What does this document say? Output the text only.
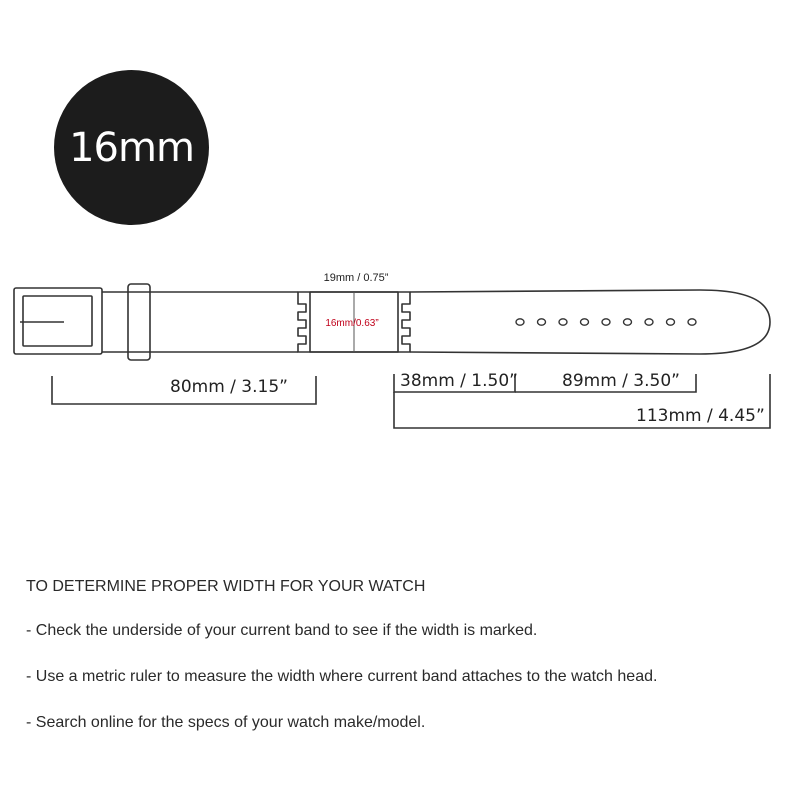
16mm
19mm / 0.75”
16mm/0.63”
80mm / 3.15”	38mm / 1.50”	89mm / 3.50”
113mm / 4.45”

TO DETERMINE PROPER WIDTH FOR YOUR WATCH

- Check the underside of your current band to see if the width is marked.

- Use a metric ruler to measure the width where current band attaches to the watch head.

- Search online for the specs of your watch make/model.
